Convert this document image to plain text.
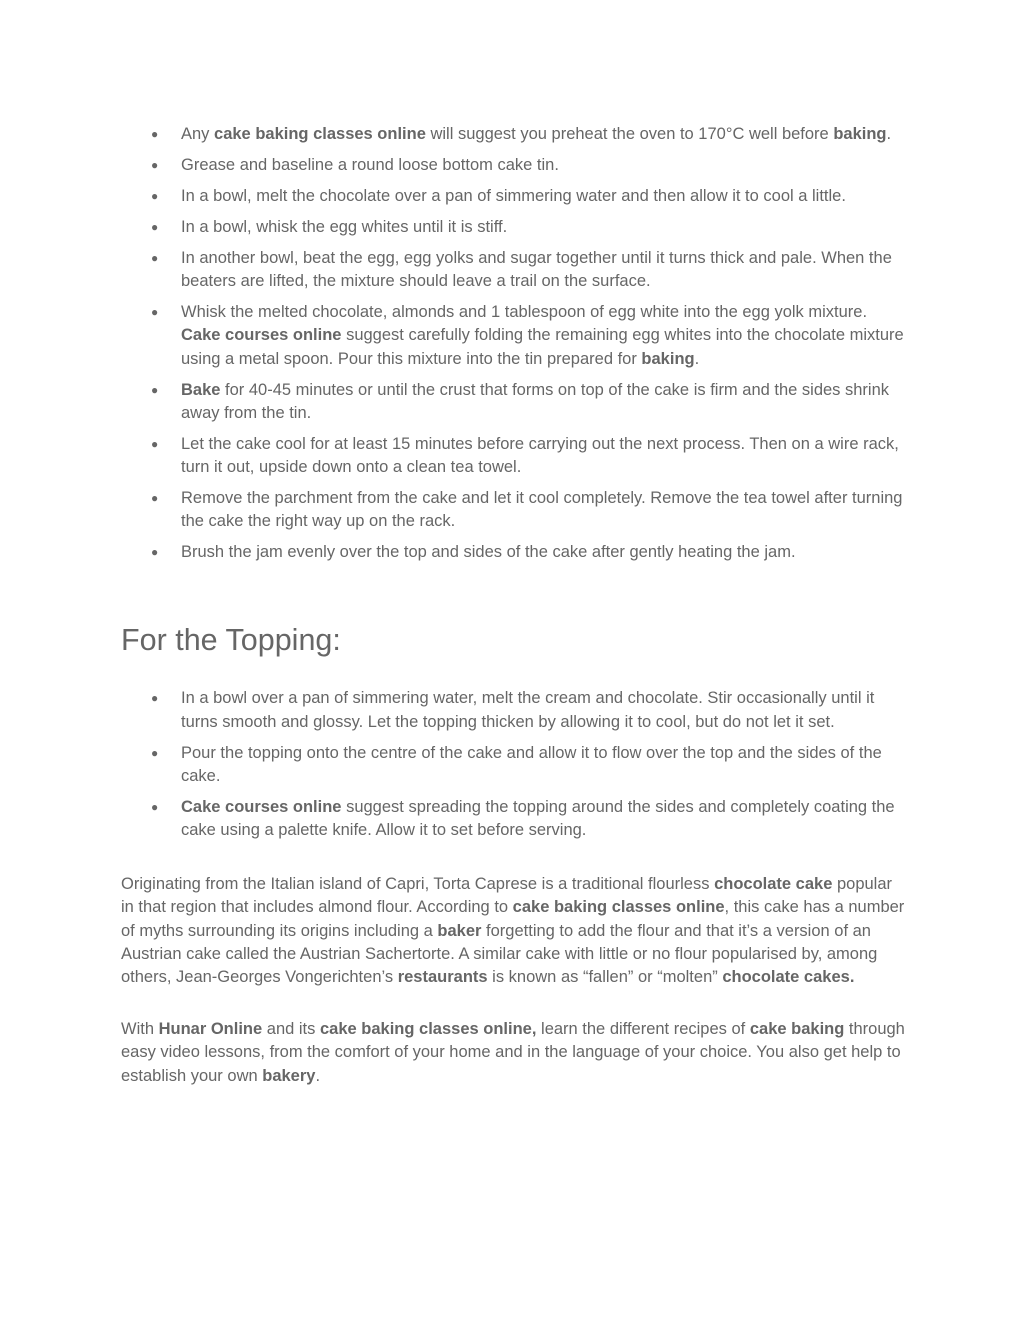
● Any cake baking classes online will suggest you preheat the oven to 170°C well before baking.
● Grease and baseline a round loose bottom cake tin.
● In a bowl, melt the chocolate over a pan of simmering water and then allow it to cool a little.
● In a bowl, whisk the egg whites until it is stiff.
● In another bowl, beat the egg, egg yolks and sugar together until it turns thick and pale. When the beaters are lifted, the mixture should leave a trail on the surface.
● Whisk the melted chocolate, almonds and 1 tablespoon of egg white into the egg yolk mixture. Cake courses online suggest carefully folding the remaining egg whites into the chocolate mixture using a metal spoon. Pour this mixture into the tin prepared for baking.
● Bake for 40-45 minutes or until the crust that forms on top of the cake is firm and the sides shrink away from the tin.
● Let the cake cool for at least 15 minutes before carrying out the next process. Then on a wire rack, turn it out, upside down onto a clean tea towel.
● Remove the parchment from the cake and let it cool completely. Remove the tea towel after turning the cake the right way up on the rack.
● Brush the jam evenly over the top and sides of the cake after gently heating the jam.
For the Topping:
● In a bowl over a pan of simmering water, melt the cream and chocolate. Stir occasionally until it turns smooth and glossy. Let the topping thicken by allowing it to cool, but do not let it set.
● Pour the topping onto the centre of the cake and allow it to flow over the top and the sides of the cake.
● Cake courses online suggest spreading the topping around the sides and completely coating the cake using a palette knife. Allow it to set before serving.

Originating from the Italian island of Capri, Torta Caprese is a traditional flourless chocolate cake popular in that region that includes almond flour. According to cake baking classes online, this cake has a number of myths surrounding its origins including a baker forgetting to add the flour and that it’s a version of an Austrian cake called the Austrian Sachertorte. A similar cake with little or no flour popularised by, among others, Jean-Georges Vongerichten’s restaurants is known as “fallen” or “molten” chocolate cakes.

With Hunar Online and its cake baking classes online, learn the different recipes of cake baking through easy video lessons, from the comfort of your home and in the language of your choice. You also get help to establish your own bakery.
